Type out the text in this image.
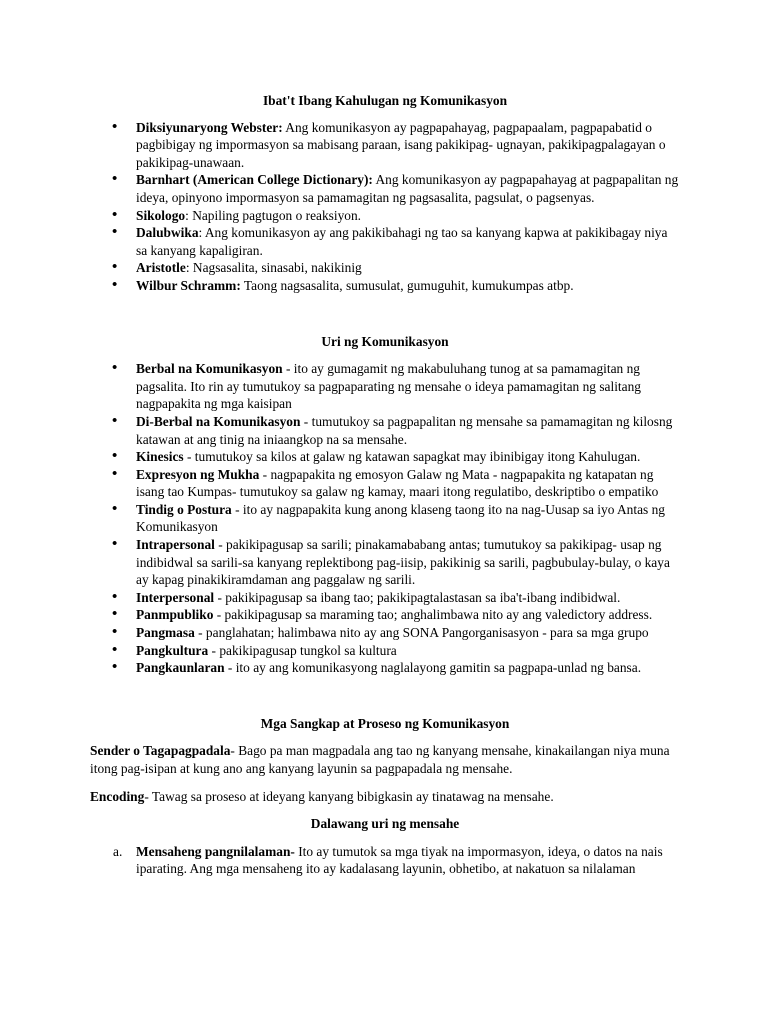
Ibat't Ibang Kahulugan ng Komunikasyon
• Diksiyunaryong Webster: Ang komunikasyon ay pagpapahayag, pagpapaalam, pagpapabatid o pagbibigay ng impormasyon sa mabisang paraan, isang pakikipag- ugnayan, pakikipagpalagayan o pakikipag-unawaan.
• Barnhart (American College Dictionary): Ang komunikasyon ay pagpapahayag at pagpapalitan ng ideya, opinyono impormasyon sa pamamagitan ng pagsasalita, pagsulat, o pagsenyas.
• Sikologo: Napiling pagtugon o reaksiyon.
• Dalubwika: Ang komunikasyon ay ang pakikibahagi ng tao sa kanyang kapwa at pakikibagay niya sa kanyang kapaligiran.
• Aristotle: Nagsasalita, sinasabi, nakikinig
• Wilbur Schramm: Taong nagsasalita, sumusulat, gumuguhit, kumukumpas atbp.
Uri ng Komunikasyon
• Berbal na Komunikasyon - ito ay gumagamit ng makabuluhang tunog at sa pamamagitan ng pagsalita. Ito rin ay tumutukoy sa pagpaparating ng mensahe o ideya pamamagitan ng salitang nagpapakita ng mga kaisipan
• Di-Berbal na Komunikasyon - tumutukoy sa pagpapalitan ng mensahe sa pamamagitan ng kilosng katawan at ang tinig na iniaangkop na sa mensahe.
• Kinesics - tumutukoy sa kilos at galaw ng katawan sapagkat may ibinibigay itong Kahulugan.
• Expresyon ng Mukha - nagpapakita ng emosyon Galaw ng Mata - nagpapakita ng katapatan ng isang tao Kumpas- tumutukoy sa galaw ng kamay, maari itong regulatibo, deskriptibo o empatiko
• Tindig o Postura - ito ay nagpapakita kung anong klaseng taong ito na nag-Uusap sa iyo Antas ng Komunikasyon
• Intrapersonal - pakikipagusap sa sarili; pinakamababang antas; tumutukoy sa pakikipag- usap ng indibidwal sa sarili-sa kanyang replektibong pag-iisip, pakikinig sa sarili, pagbubulay-bulay, o kaya ay kapag pinakikiramdaman ang paggalaw ng sarili.
• Interpersonal - pakikipagusap sa ibang tao; pakikipagtalastasan sa iba't-ibang indibidwal.
• Panmpubliko - pakikipagusap sa maraming tao; anghalimbawa nito ay ang valedictory address.
• Pangmasa - panglahatan; halimbawa nito ay ang SONA Pangorganisasyon - para sa mga grupo
• Pangkultura - pakikipagusap tungkol sa kultura
• Pangkaunlaran - ito ay ang komunikasyong naglalayong gamitin sa pagpapa-unlad ng bansa.
Mga Sangkap at Proseso ng Komunikasyon

Sender o Tagapagpadala- Bago pa man magpadala ang tao ng kanyang mensahe, kinakailangan niya muna itong pag-isipan at kung ano ang kanyang layunin sa pagpapadala ng mensahe.

Encoding- Tawag sa proseso at ideyang kanyang bibigkasin ay tinatawag na mensahe.

Dalawang uri ng mensahe
a. Mensaheng pangnilalaman- Ito ay tumutok sa mga tiyak na impormasyon, ideya, o datos na nais iparating. Ang mga mensaheng ito ay kadalasang layunin, obhetibo, at nakatuon sa nilalaman
